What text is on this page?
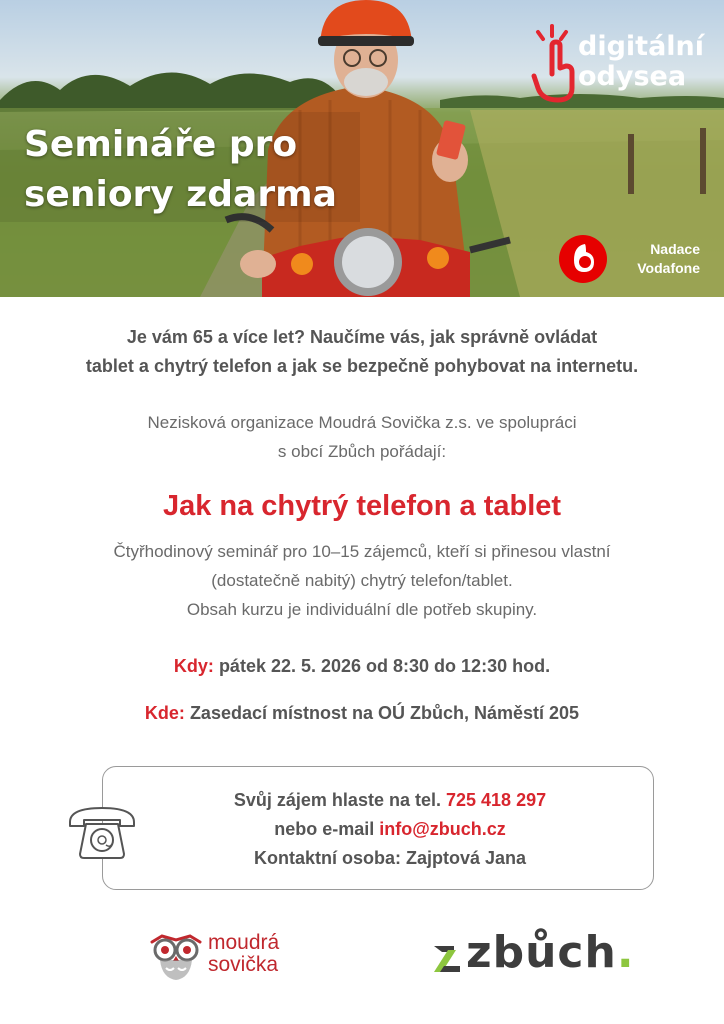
Semináře pro
seniory zdarma
digitální
odysea
Nadace
Vodafone
Je vám 65 a více let? Naučíme vás, jak správně ovládat
tablet a chytrý telefon a jak se bezpečně pohybovat na internetu.
Nezisková organizace Moudrá Sovička z.s. ve spolupráci
s obcí Zbůch pořádají:
Jak na chytrý telefon a tablet
Čtyřhodinový seminář pro 10–15 zájemců, kteří si přinesou vlastní
(dostatečně nabitý) chytrý telefon/tablet.
Obsah kurzu je individuální dle potřeb skupiny.
Kdy: pátek 22. 5. 2026 od 8:30 do 12:30 hod.
Kde: Zasedací místnost na OÚ Zbůch, Náměstí 205
Svůj zájem hlaste na tel. 725 418 297
nebo e-mail info@zbuch.cz
Kontaktní osoba: Zajptová Jana
moudrá
sovička	zbůch.
